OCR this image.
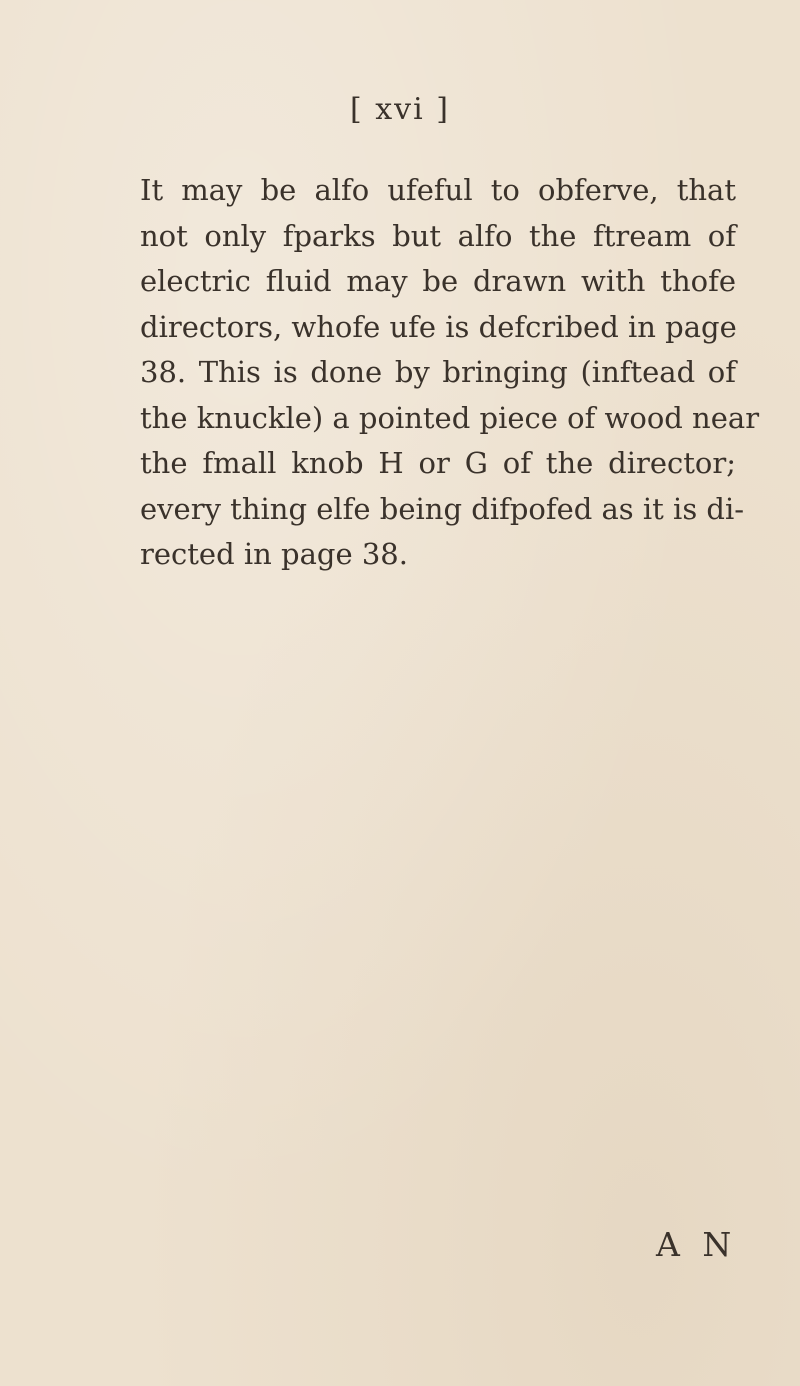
[ xvi ]
It may be alfo ufeful to obferve, that
not only fparks but alfo the ftream of
electric fluid may be drawn with thofe
directors, whofe ufe is defcribed in page
38. This is done by bringing (inftead of
the knuckle) a pointed piece of wood near
the fmall knob H or G of the director;
every thing elfe being difpofed as it is di-
rected in page 38.
A N
